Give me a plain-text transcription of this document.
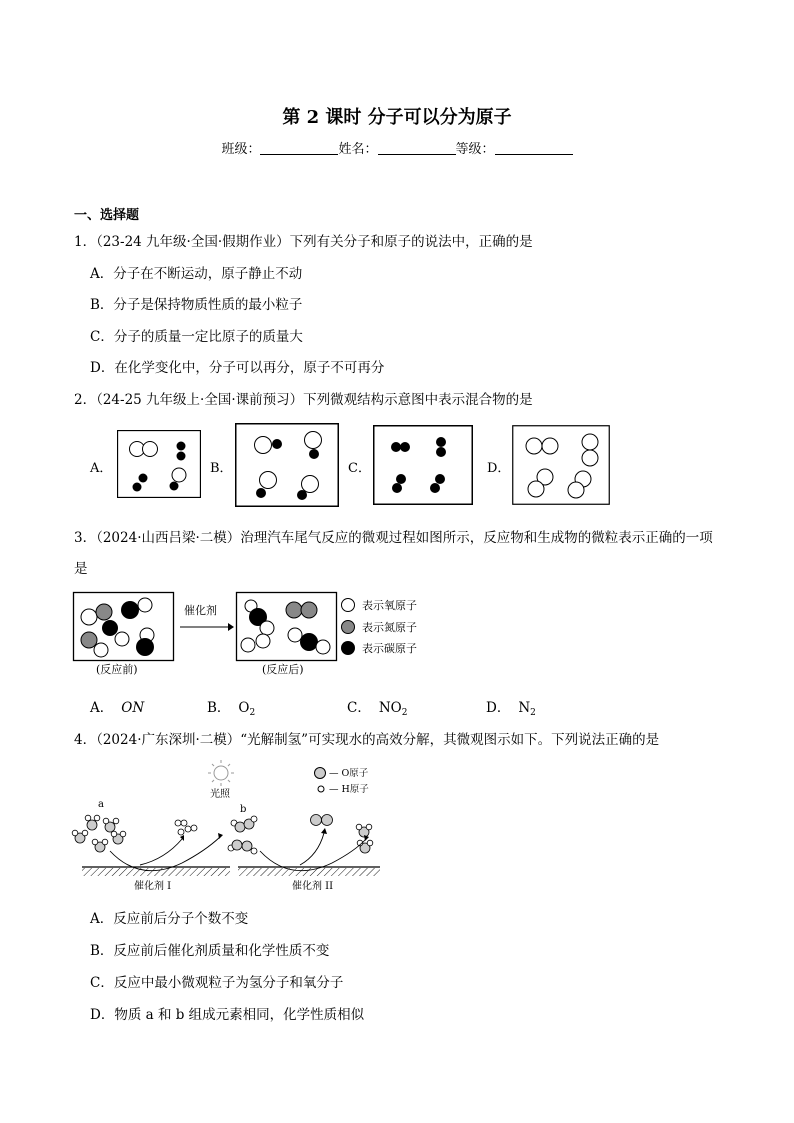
第 2 课时 分子可以分为原子
班级：	姓名：	等级：
一、选择题
1．（23-24 九年级·全国·假期作业）下列有关分子和原子的说法中，正确的是
A．分子在不断运动，原子静止不动
B．分子是保持物质性质的最小粒子
C．分子的质量一定比原子的质量大
D．在化学变化中，分子可以再分，原子不可再分
2．（24-25 九年级上·全国·课前预习）下列微观结构示意图中表示混合物的是
A．	B．	C．	D．
3．（2024·山西吕梁·二模）治理汽车尾气反应的微观过程如图所示，反应物和生成物的微粒表示正确的一项
是
(反应前)
催化剂
(反应后)
表示氧原子
表示氮原子
表示碳原子
A． ON	B． $O_2$	C． $NO_2$	D． $N_2$
4．（2024·广东深圳·二模）“光解制氢”可实现水的高效分解，其微观图示如下。下列说法正确的是
光照
— O原子
— H原子
a	b
催化剂 I	催化剂 II
A．反应前后分子个数不变
B．反应前后催化剂质量和化学性质不变
C．反应中最小微观粒子为氢分子和氧分子
D．物质 a 和 b 组成元素相同，化学性质相似
